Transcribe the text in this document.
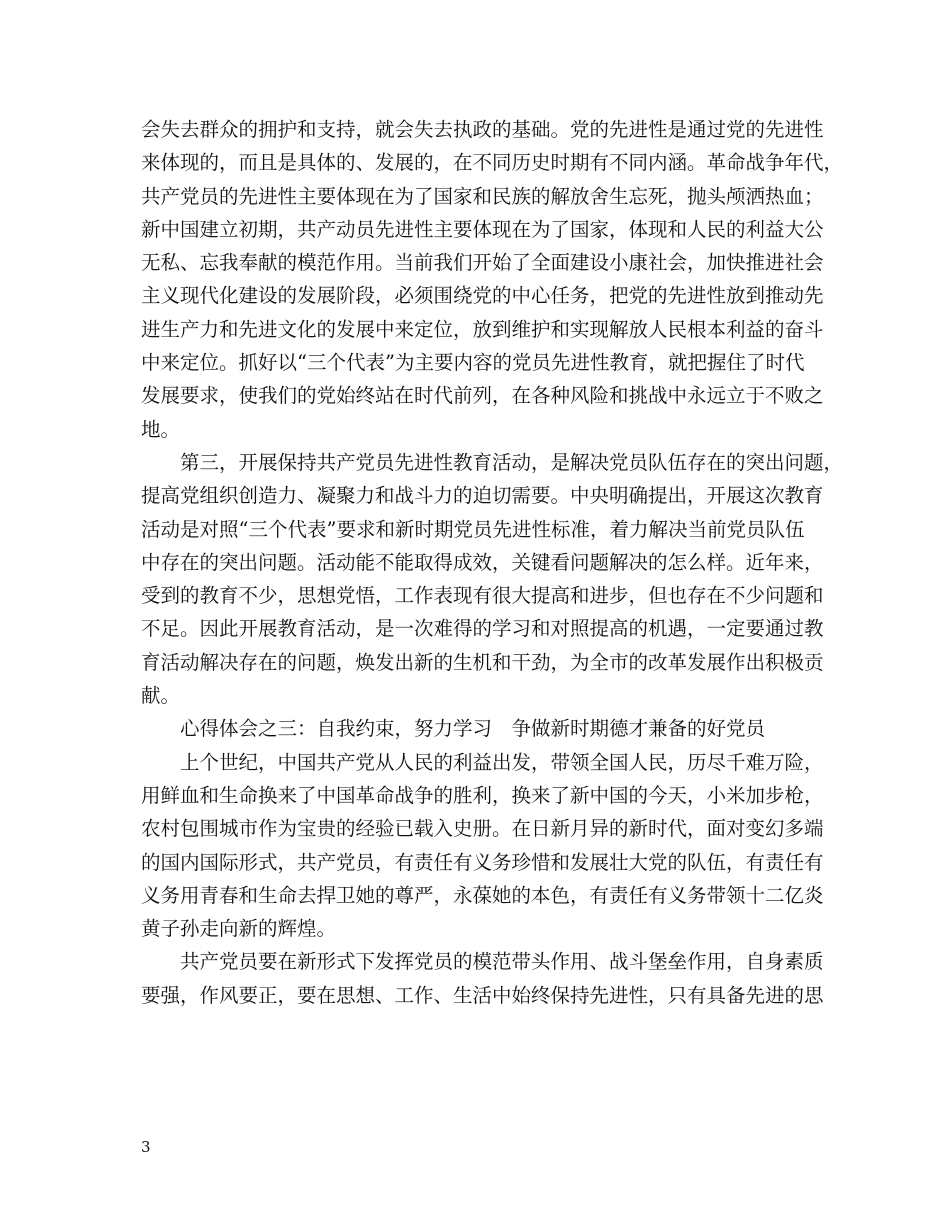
会失去群众的拥护和支持，就会失去执政的基础。党的先进性是通过党的先进性
来体现的，而且是具体的、发展的，在不同历史时期有不同内涵。革命战争年代，
共产党员的先进性主要体现在为了国家和民族的解放舍生忘死，抛头颅洒热血；
新中国建立初期，共产动员先进性主要体现在为了国家，体现和人民的利益大公
无私、忘我奉献的模范作用。当前我们开始了全面建设小康社会，加快推进社会
主义现代化建设的发展阶段，必须围绕党的中心任务，把党的先进性放到推动先
进生产力和先进文化的发展中来定位，放到维护和实现解放人民根本利益的奋斗
中来定位。抓好以“三个代表”为主要内容的党员先进性教育，就把握住了时代
发展要求，使我们的党始终站在时代前列，在各种风险和挑战中永远立于不败之
地。
第三，开展保持共产党员先进性教育活动，是解决党员队伍存在的突出问题，
提高党组织创造力、凝聚力和战斗力的迫切需要。中央明确提出，开展这次教育
活动是对照“三个代表”要求和新时期党员先进性标准，着力解决当前党员队伍
中存在的突出问题。活动能不能取得成效，关键看问题解决的怎么样。近年来，
受到的教育不少，思想党悟，工作表现有很大提高和进步，但也存在不少问题和
不足。因此开展教育活动，是一次难得的学习和对照提高的机遇，一定要通过教
育活动解决存在的问题，焕发出新的生机和干劲，为全市的改革发展作出积极贡
献。
心得体会之三：自我约束，努力学习　争做新时期德才兼备的好党员
上个世纪，中国共产党从人民的利益出发，带领全国人民，历尽千难万险，
用鲜血和生命换来了中国革命战争的胜利，换来了新中国的今天，小米加步枪，
农村包围城市作为宝贵的经验已载入史册。在日新月异的新时代，面对变幻多端
的国内国际形式，共产党员，有责任有义务珍惜和发展壮大党的队伍，有责任有
义务用青春和生命去捍卫她的尊严，永葆她的本色，有责任有义务带领十二亿炎
黄子孙走向新的辉煌。
共产党员要在新形式下发挥党员的模范带头作用、战斗堡垒作用，自身素质
要强，作风要正，要在思想、工作、生活中始终保持先进性，只有具备先进的思
3
